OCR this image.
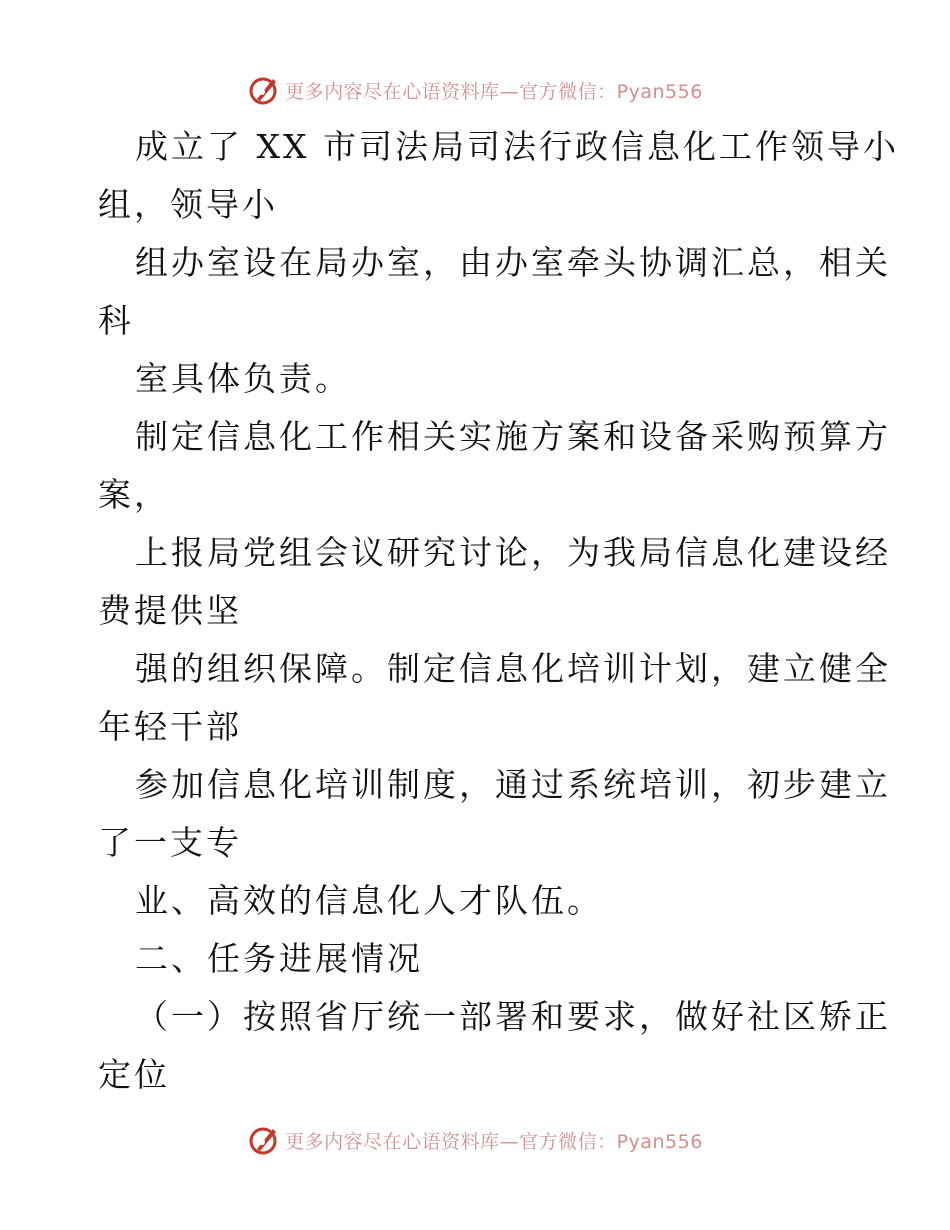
更多内容尽在心语资料库—官方微信：Pyan556
成立了 XX 市司法局司法行政信息化工作领导小
组，领导小
组办室设在局办室，由办室牵头协调汇总，相关
科
室具体负责。
制定信息化工作相关实施方案和设备采购预算方
案，
上报局党组会议研究讨论，为我局信息化建设经
费提供坚
强的组织保障。制定信息化培训计划，建立健全
年轻干部
参加信息化培训制度，通过系统培训，初步建立
了一支专
业、高效的信息化人才队伍。
二、任务进展情况
（一）按照省厅统一部署和要求，做好社区矫正
定位
更多内容尽在心语资料库—官方微信：Pyan556
